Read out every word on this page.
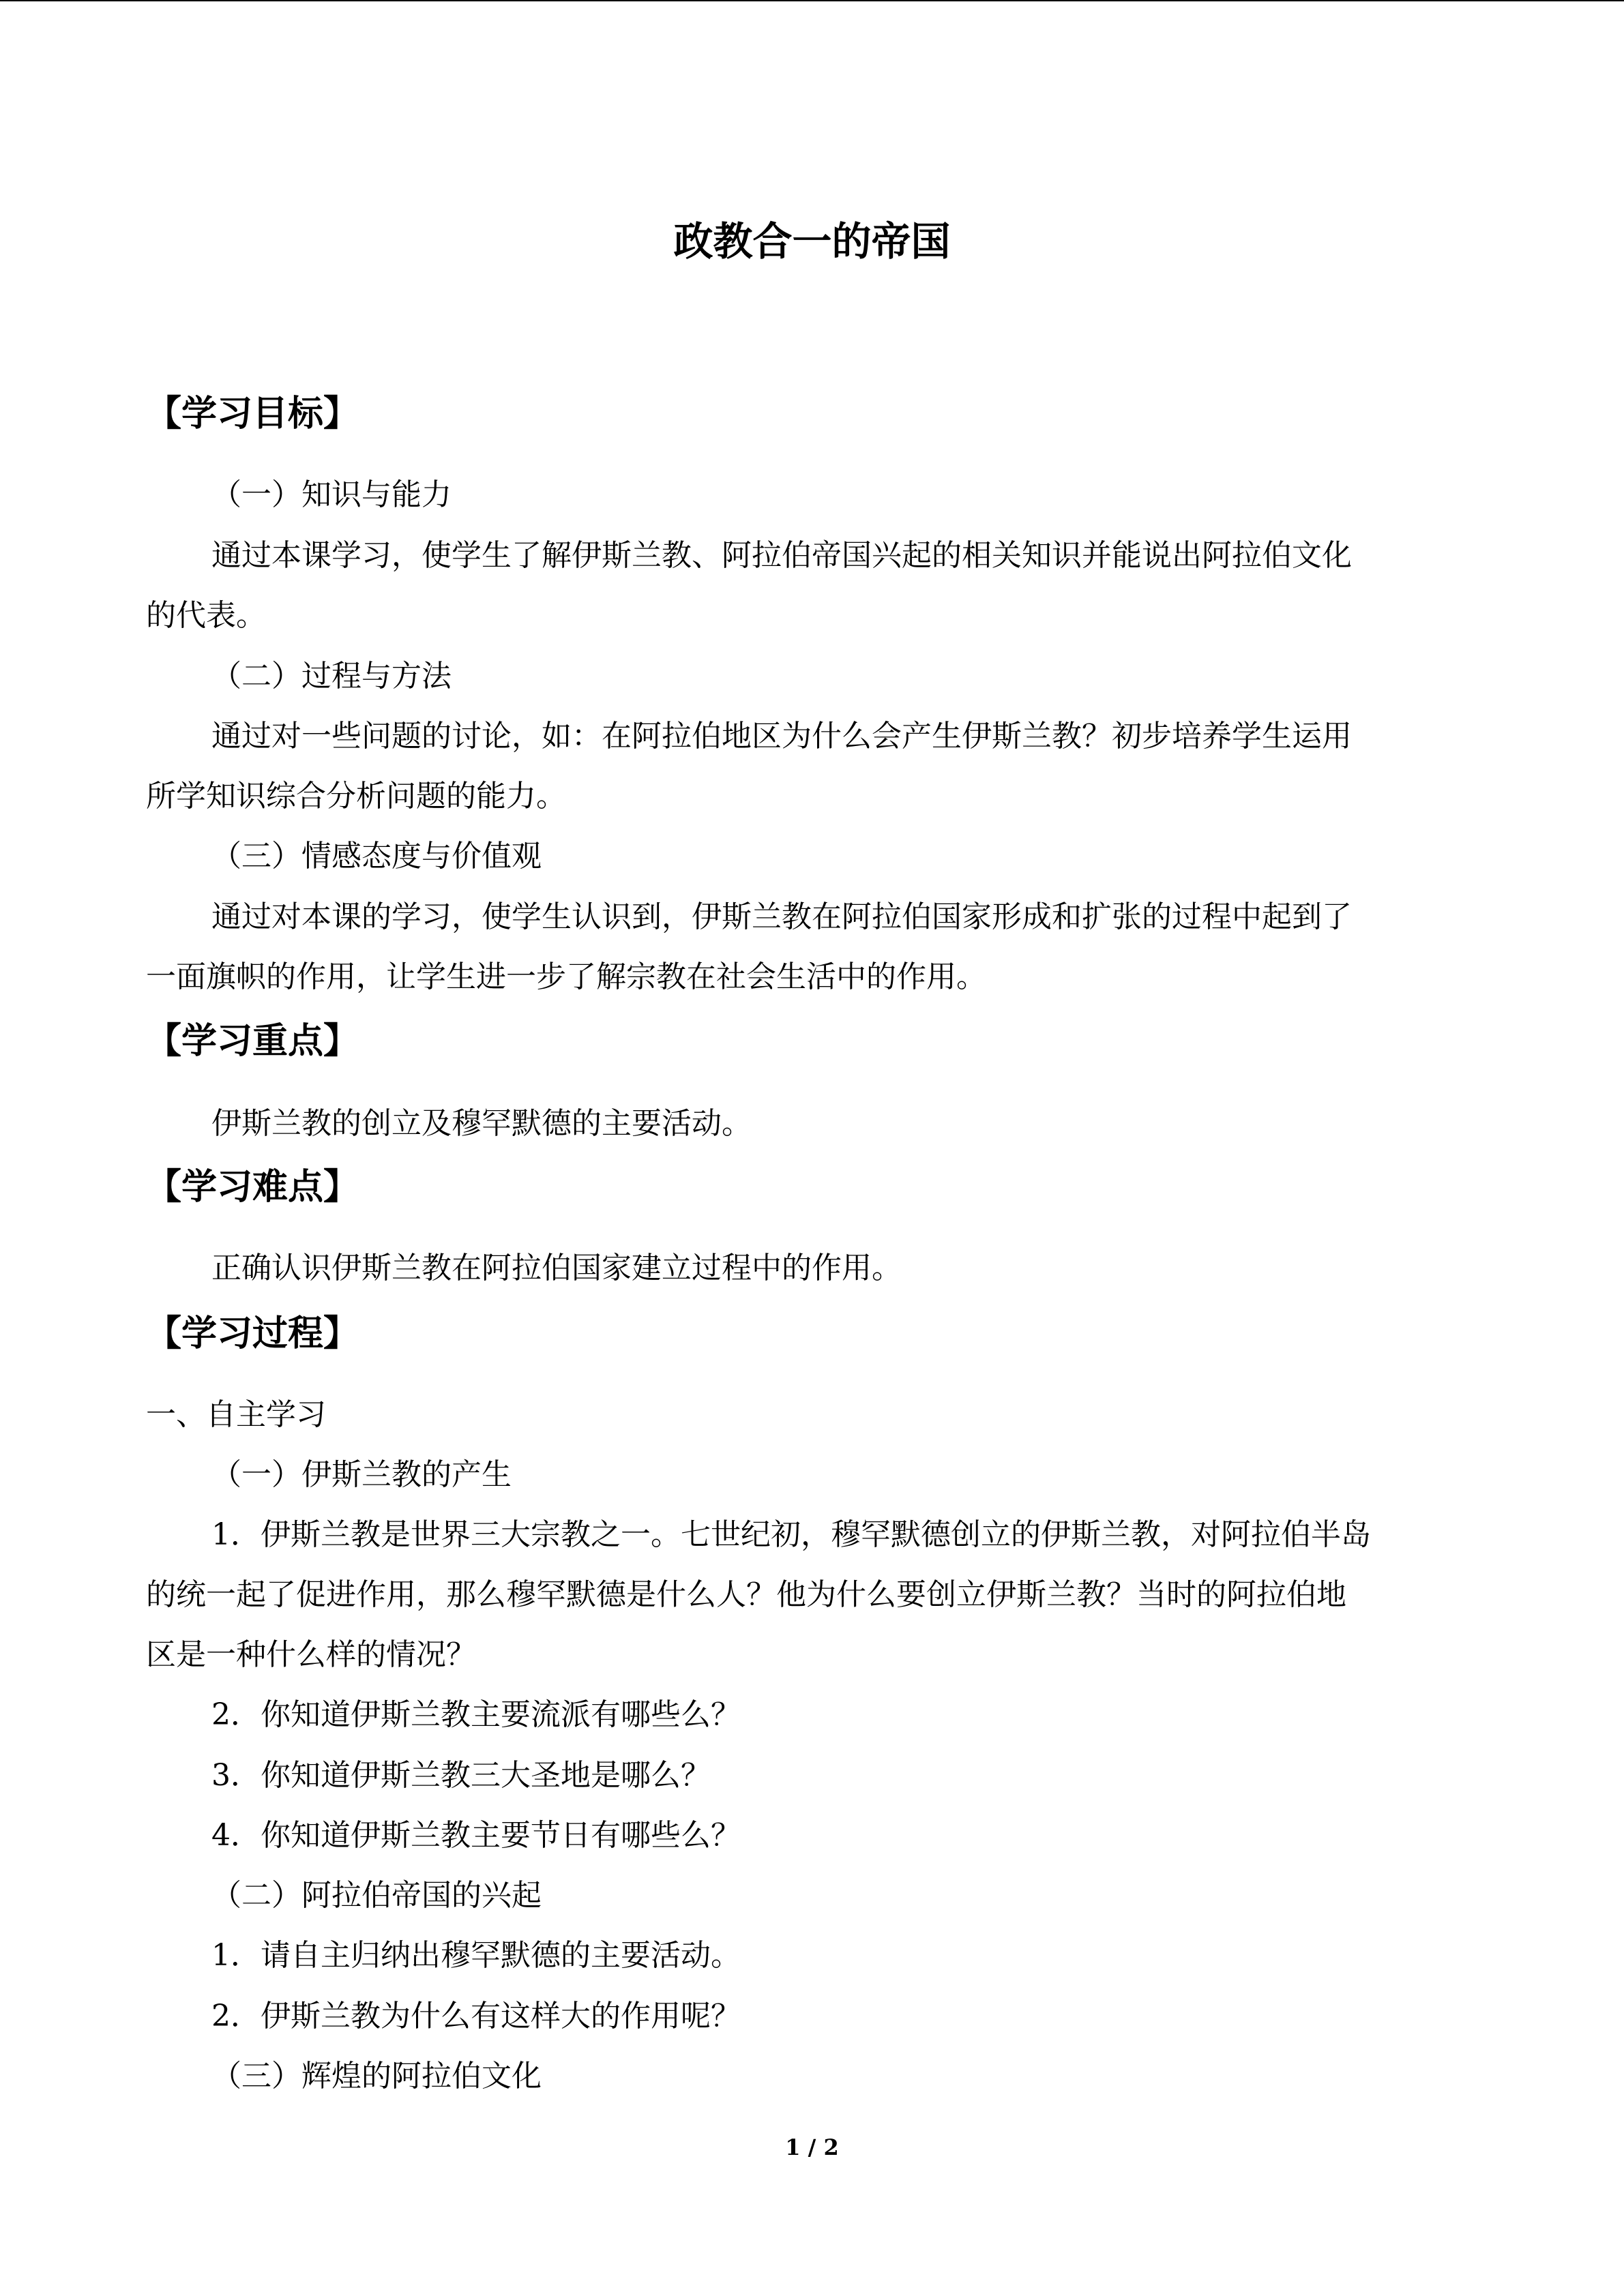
政教合一的帝国
【学习目标】
（一）知识与能力
通过本课学习，使学生了解伊斯兰教、阿拉伯帝国兴起的相关知识并能说出阿拉伯文化
的代表。
（二）过程与方法
通过对一些问题的讨论，如：在阿拉伯地区为什么会产生伊斯兰教？初步培养学生运用
所学知识综合分析问题的能力。
（三）情感态度与价值观
通过对本课的学习，使学生认识到，伊斯兰教在阿拉伯国家形成和扩张的过程中起到了
一面旗帜的作用，让学生进一步了解宗教在社会生活中的作用。
【学习重点】
伊斯兰教的创立及穆罕默德的主要活动。
【学习难点】
正确认识伊斯兰教在阿拉伯国家建立过程中的作用。
【学习过程】
一、自主学习
（一）伊斯兰教的产生
1．伊斯兰教是世界三大宗教之一。七世纪初，穆罕默德创立的伊斯兰教，对阿拉伯半岛
的统一起了促进作用，那么穆罕默德是什么人？他为什么要创立伊斯兰教？当时的阿拉伯地
区是一种什么样的情况？
2．你知道伊斯兰教主要流派有哪些么？
3．你知道伊斯兰教三大圣地是哪么？
4．你知道伊斯兰教主要节日有哪些么？
（二）阿拉伯帝国的兴起
1．请自主归纳出穆罕默德的主要活动。
2．伊斯兰教为什么有这样大的作用呢？
（三）辉煌的阿拉伯文化
1 / 2
